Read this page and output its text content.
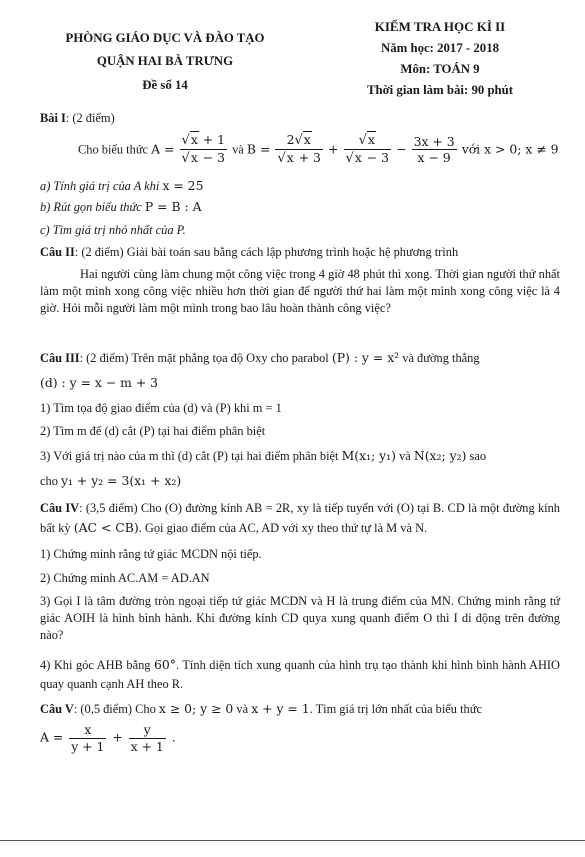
PHÒNG GIÁO DỤC VÀ ĐÀO TẠO
QUẬN HAI BÀ TRƯNG
Đề số 14
KIỂM TRA HỌC KÌ II
Năm học: 2017 - 2018
Môn: TOÁN 9
Thời gian làm bài: 90 phút
Bài I: (2 điểm)
Cho biểu thức $A = \frac{√x + 1}{√x - 3}$ và $B = \frac{2√x}{√x + 3} + \frac{√x}{√x - 3} - \frac{3x + 3}{x - 9}$ với x > 0; x ≠ 9
a) Tính giá trị của A khi x = 25
b) Rút gọn biểu thức P = B : A
c) Tìm giá trị nhỏ nhất của P.
Câu II: (2 điểm) Giải bài toán sau bằng cách lập phương trình hoặc hệ phương trình
Hai người cùng làm chung một công việc trong 4 giờ 48 phút thì xong. Thời gian người thứ nhất làm một mình xong công việc nhiều hơn thời gian để người thứ hai làm một mình xong công việc là 4 giờ. Hỏi mỗi người làm một mình trong bao lâu hoàn thành công việc?
Câu III: (2 điểm) Trên mặt phẳng tọa độ Oxy cho parabol (P) : y = x² và đường thẳng
(d) : y = x − m + 3
1) Tìm tọa độ giao điểm của (d) và (P) khi m = 1
2) Tìm m để (d) cắt (P) tại hai điểm phân biệt
3) Với giá trị nào của m thì (d) cắt (P) tại hai điểm phân biệt M(x₁; y₁) và N(x₂; y₂) sao
cho y₁ + y₂ = 3(x₁ + x₂)
Câu IV: (3,5 điểm) Cho (O) đường kính AB = 2R, xy là tiếp tuyến với (O) tại B. CD là một đường kính bất kỳ (AC < CB). Gọi giao điểm của AC, AD với xy theo thứ tự là M và N.
1) Chứng minh rằng tứ giác MCDN nội tiếp.
2) Chứng minh AC.AM = AD.AN
3) Gọi I là tâm đường tròn ngoại tiếp tứ giác MCDN và H là trung điểm của MN. Chứng minh rằng tứ giác AOIH là hình bình hành. Khi đường kính CD quya xung quanh điểm O thì I di động trên đường nào?
4) Khi góc AHB bằng 60°. Tính diện tích xung quanh của hình trụ tạo thành khi hình bình hành AHIO quay quanh cạnh AH theo R.
Câu V: (0,5 điểm) Cho x ≥ 0; y ≥ 0 và x + y = 1. Tìm giá trị lớn nhất của biểu thức
$A = \frac{x}{y + 1} + \frac{y}{x + 1}$ .
